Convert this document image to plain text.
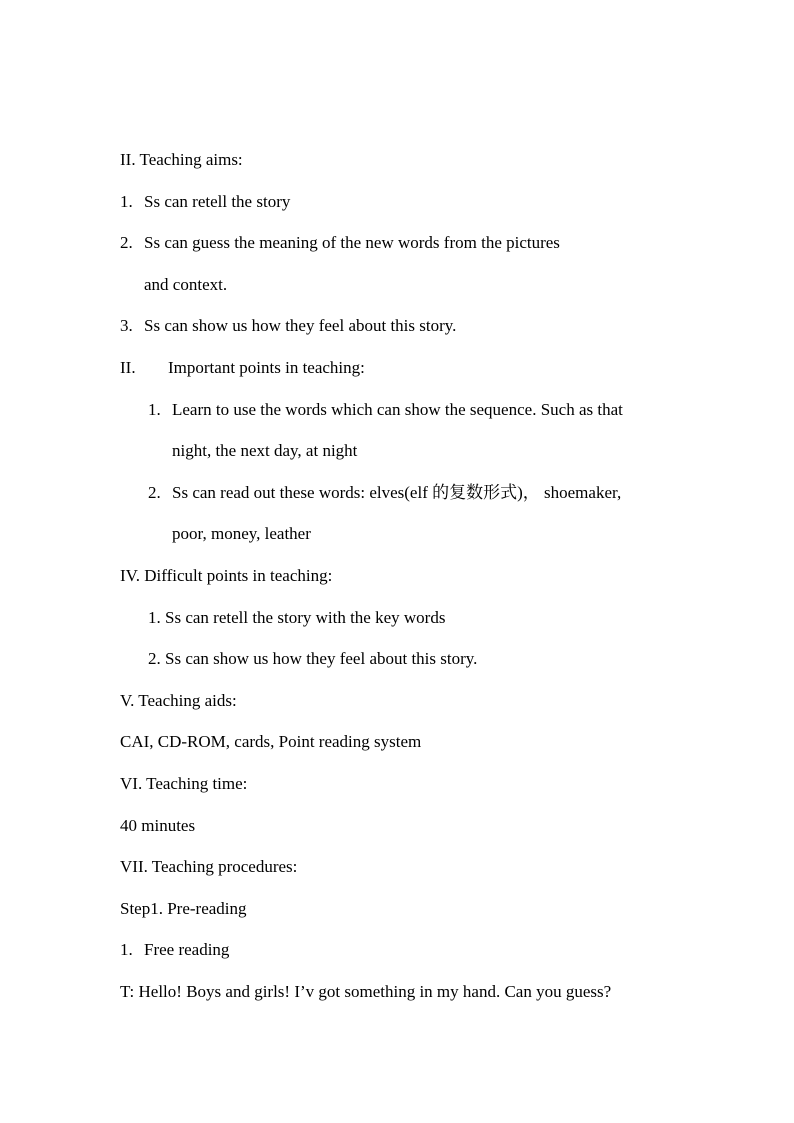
II. Teaching aims:
1. Ss can retell the story
2. Ss can guess the meaning of the new words from the pictures
and context.
3. Ss can show us how they feel about this story.
II.	Important points in teaching:
1. Learn to use the words which can show the sequence. Such as that
night, the next day, at night
2. Ss can read out these words: elves(elf 的复数形式)， shoemaker,
poor, money, leather
IV. Difficult points in teaching:
1. Ss can retell the story with the key words
2. Ss can show us how they feel about this story.
V. Teaching aids:
CAI, CD-ROM, cards, Point reading system
VI. Teaching time:
40 minutes
VII. Teaching procedures:
Step1. Pre-reading
1. Free reading
T: Hello! Boys and girls! I’v got something in my hand. Can you guess?
